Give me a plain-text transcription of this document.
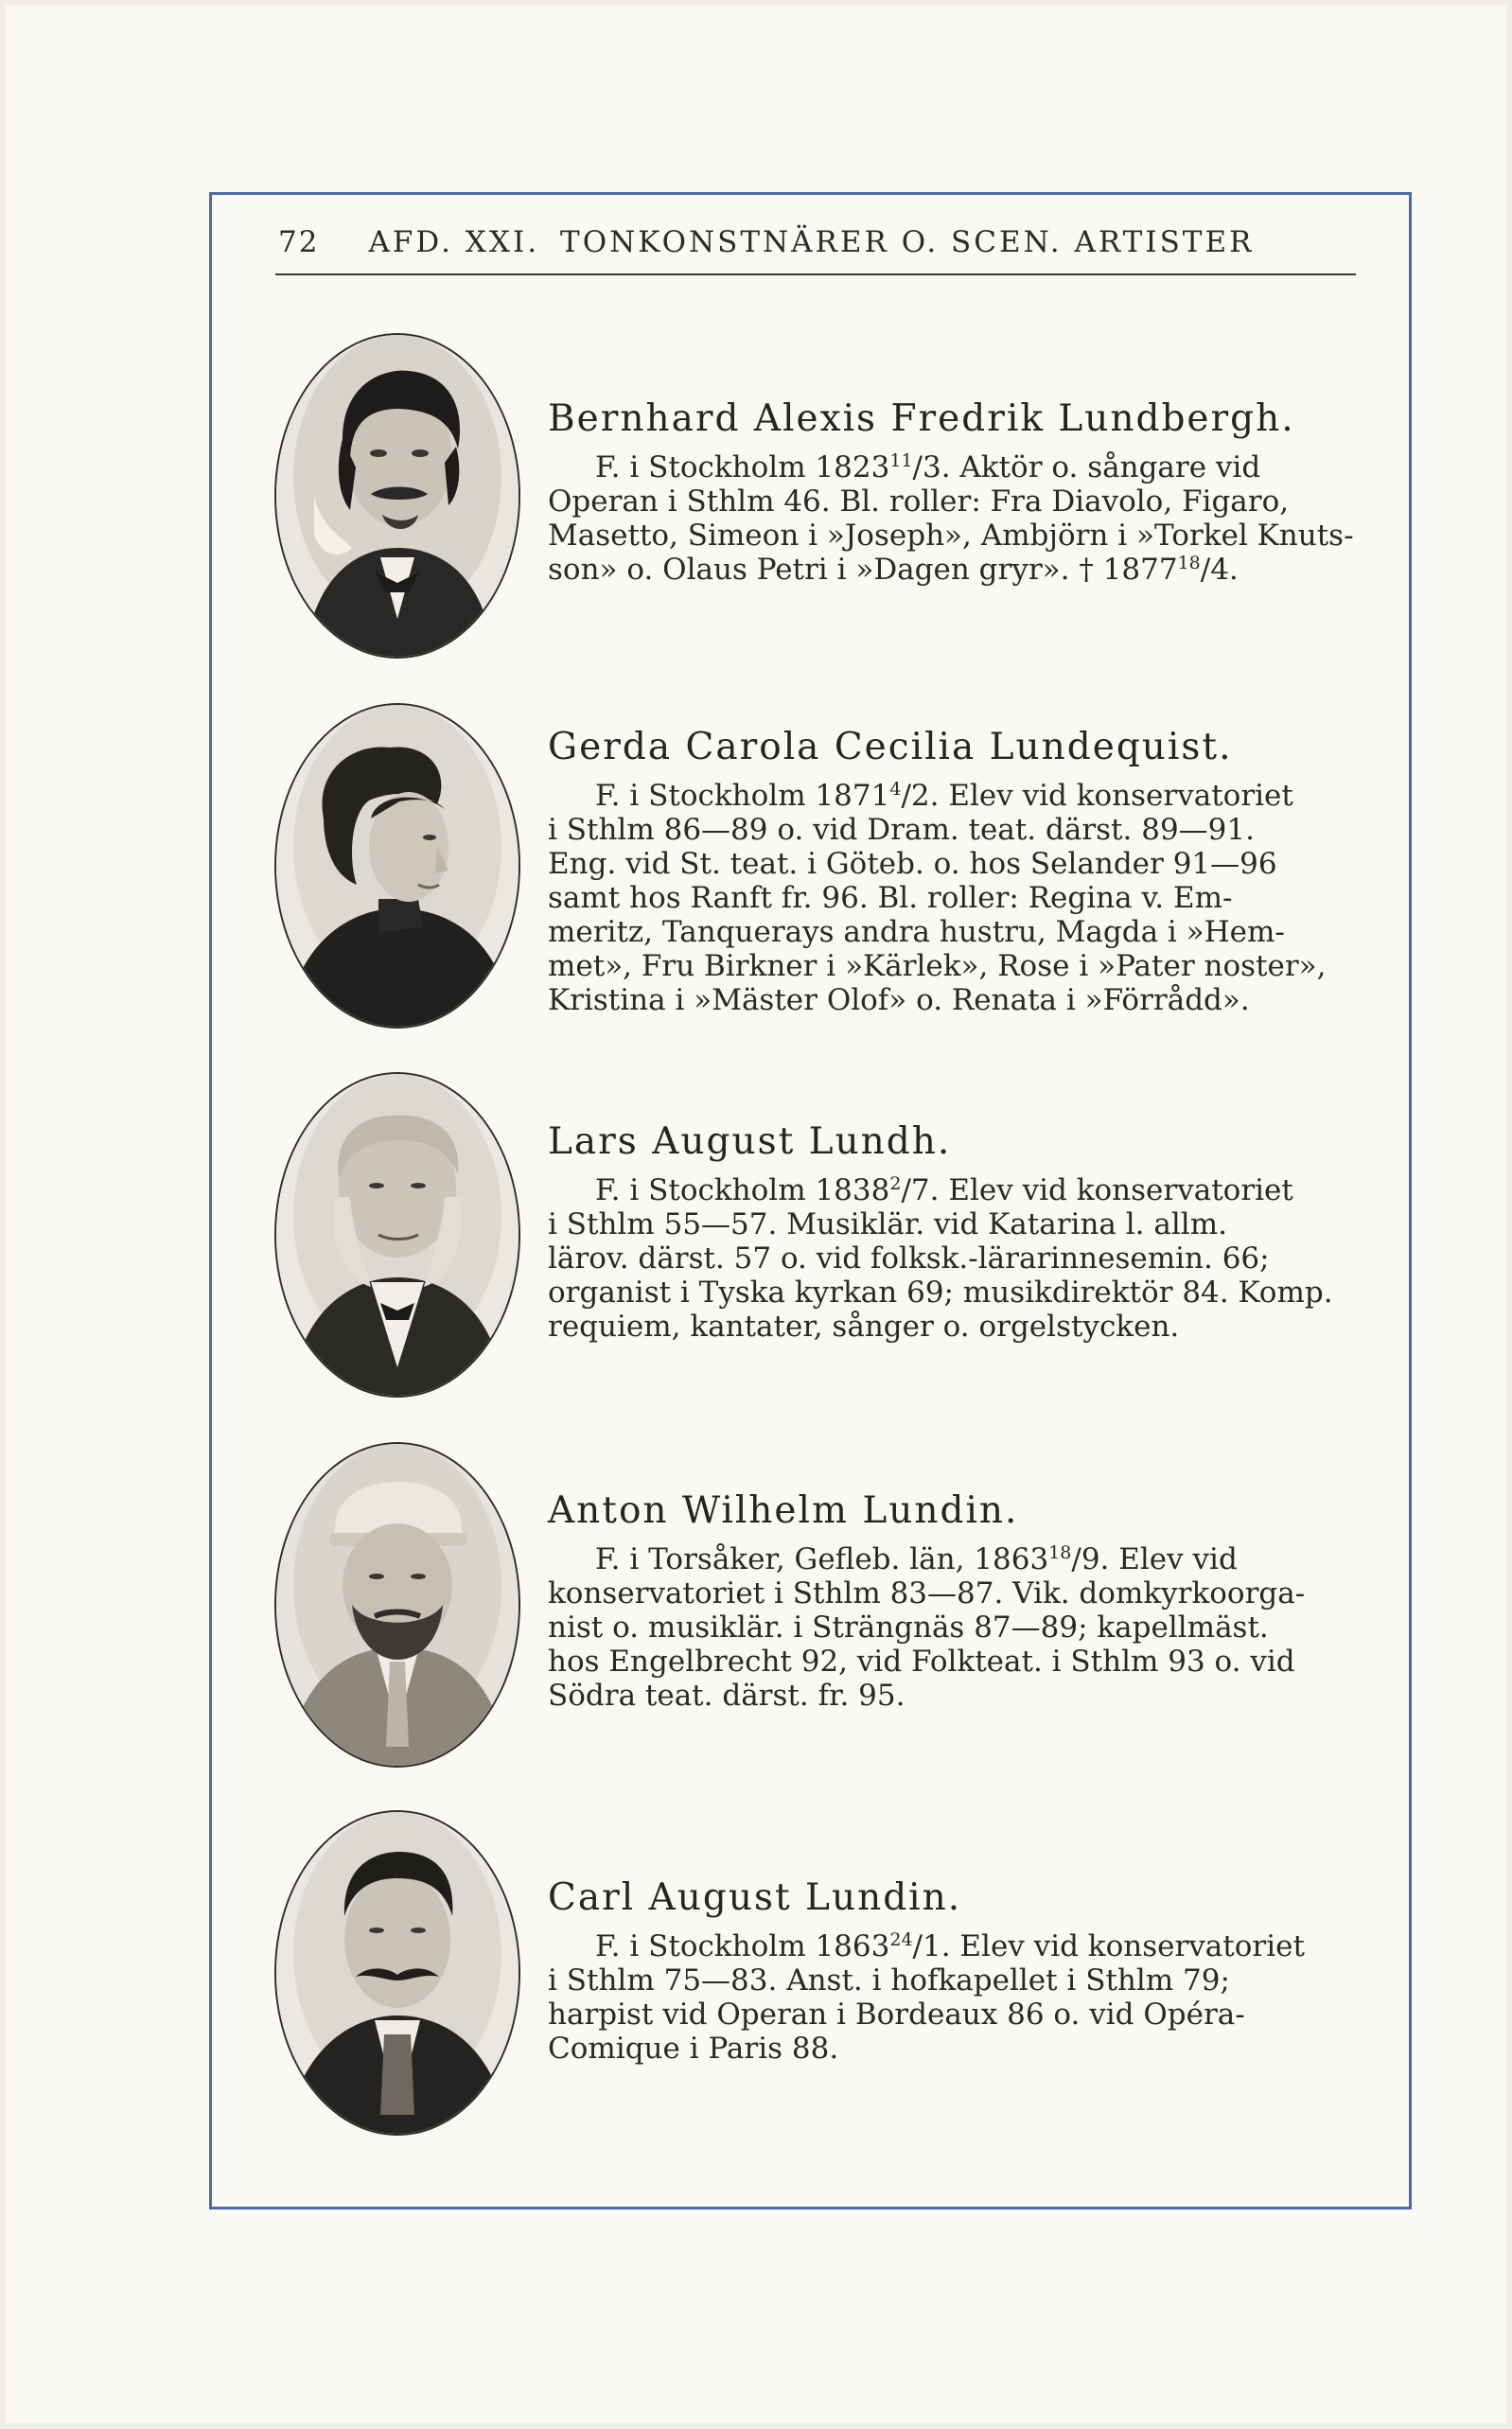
72 AFD. XXI. TONKONSTNÄRER O. SCEN. ARTISTER
Bernhard Alexis Fredrik Lundbergh.

F. i Stockholm 1823$^{11}$/3. Aktör o. sångare vid

Operan i Sthlm 46. Bl. roller: Fra Diavolo, Figaro,

Masetto, Simeon i »Joseph», Ambjörn i »Torkel Knuts-

son» o. Olaus Petri i »Dagen gryr». † 1877$^{18}$/4.

Gerda Carola Cecilia Lundequist.

F. i Stockholm 1871$^4$/2. Elev vid konservatoriet

i Sthlm 86—89 o. vid Dram. teat. därst. 89—91.

Eng. vid St. teat. i Göteb. o. hos Selander 91—96

samt hos Ranft fr. 96. Bl. roller: Regina v. Em-

meritz, Tanquerays andra hustru, Magda i »Hem-

met», Fru Birkner i »Kärlek», Rose i »Pater noster»,

Kristina i »Mäster Olof» o. Renata i »Förrådd».

Lars August Lundh.

F. i Stockholm 1838$^2$/7. Elev vid konservatoriet

i Sthlm 55—57. Musiklär. vid Katarina l. allm.

lärov. därst. 57 o. vid folksk.-lärarinnesemin. 66;

organist i Tyska kyrkan 69; musikdirektör 84. Komp.

requiem, kantater, sånger o. orgelstycken.

Anton Wilhelm Lundin.

F. i Torsåker, Gefleb. län, 1863$^{18}$/9. Elev vid

konservatoriet i Sthlm 83—87. Vik. domkyrkoorga-

nist o. musiklär. i Strängnäs 87—89; kapellmäst.

hos Engelbrecht 92, vid Folkteat. i Sthlm 93 o. vid

Södra teat. därst. fr. 95.

Carl August Lundin.

F. i Stockholm 1863$^{24}$/1. Elev vid konservatoriet

i Sthlm 75—83. Anst. i hofkapellet i Sthlm 79;

harpist vid Operan i Bordeaux 86 o. vid Opéra-

Comique i Paris 88.
